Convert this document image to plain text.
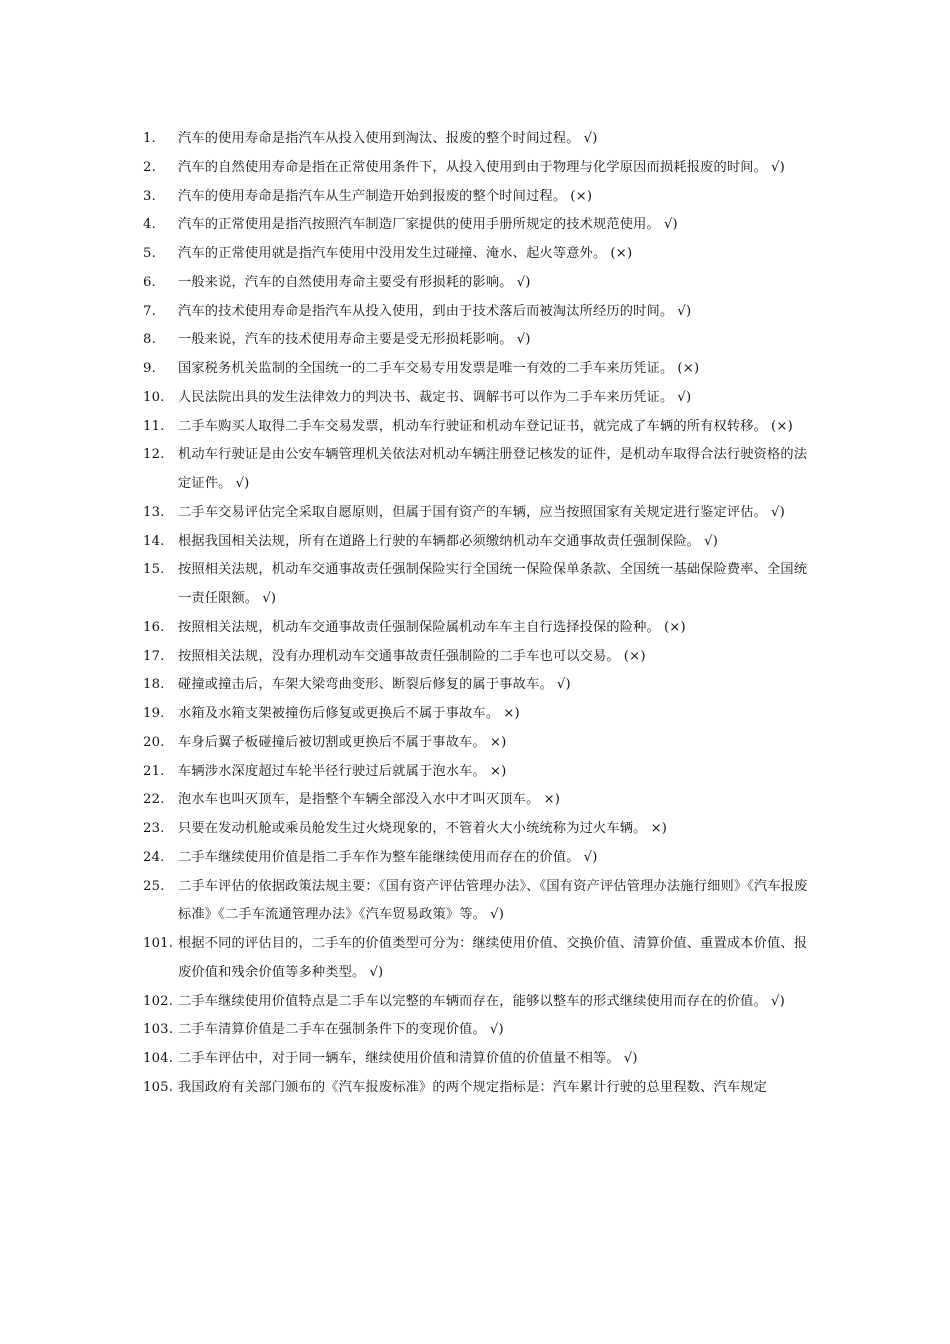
1.	汽车的使用寿命是指汽车从投入使用到淘汰、报废的整个时间过程。 √)
2.	汽车的自然使用寿命是指在正常使用条件下，从投入使用到由于物理与化学原因而损耗报废的时间。 √)
3.	汽车的使用寿命是指汽车从生产制造开始到报废的整个时间过程。 (×)
4.	汽车的正常使用是指汽按照汽车制造厂家提供的使用手册所规定的技术规范使用。 √)
5.	汽车的正常使用就是指汽车使用中没用发生过碰撞、淹水、起火等意外。 (×)
6.	一般来说，汽车的自然使用寿命主要受有形损耗的影响。 √)
7.	汽车的技术使用寿命是指汽车从投入使用，到由于技术落后而被淘汰所经历的时间。 √)
8.	一般来说，汽车的技术使用寿命主要是受无形损耗影响。 √)
9.	国家税务机关监制的全国统一的二手车交易专用发票是唯一有效的二手车来历凭证。 (×)
10.	人民法院出具的发生法律效力的判决书、裁定书、调解书可以作为二手车来历凭证。 √)
11.	二手车购买人取得二手车交易发票，机动车行驶证和机动车登记证书，就完成了车辆的所有权转移。 (×)
12.	机动车行驶证是由公安车辆管理机关依法对机动车辆注册登记核发的证件，是机动车取得合法行驶资格的法定证件。 √)
13.	二手车交易评估完全采取自愿原则，但属于国有资产的车辆，应当按照国家有关规定进行鉴定评估。 √)
14.	根据我国相关法规，所有在道路上行驶的车辆都必须缴纳机动车交通事故责任强制保险。 √)
15.	按照相关法规，机动车交通事故责任强制保险实行全国统一保险保单条款、全国统一基础保险费率、全国统一责任限额。 √)
16.	按照相关法规，机动车交通事故责任强制保险属机动车车主自行选择投保的险种。 (×)
17.	按照相关法规，没有办理机动车交通事故责任强制险的二手车也可以交易。 (×)
18.	碰撞或撞击后，车架大梁弯曲变形、断裂后修复的属于事故车。 √)
19.	水箱及水箱支架被撞伤后修复或更换后不属于事故车。 ×)
20.	车身后翼子板碰撞后被切割或更换后不属于事故车。 ×)
21.	车辆涉水深度超过车轮半径行驶过后就属于泡水车。 ×)
22.	泡水车也叫灭顶车，是指整个车辆全部没入水中才叫灭顶车。 ×)
23.	只要在发动机舱或乘员舱发生过火烧现象的，不管着火大小统统称为过火车辆。 ×)
24.	二手车继续使用价值是指二手车作为整车能继续使用而存在的价值。 √)
25.	二手车评估的依据政策法规主要：《国有资产评估管理办法》、《国有资产评估管理办法施行细则》《汽车报废标准》《二手车流通管理办法》《汽车贸易政策》等。 √)
101. 根据不同的评估目的，二手车的价值类型可分为：继续使用价值、交换价值、清算价值、重置成本价值、报废价值和残余价值等多种类型。 √)
102. 二手车继续使用价值特点是二手车以完整的车辆而存在，能够以整车的形式继续使用而存在的价值。 √)
103. 二手车清算价值是二手车在强制条件下的变现价值。 √)
104. 二手车评估中，对于同一辆车，继续使用价值和清算价值的价值量不相等。 √)
105. 我国政府有关部门颁布的《汽车报废标准》的两个规定指标是：汽车累计行驶的总里程数、汽车规定
